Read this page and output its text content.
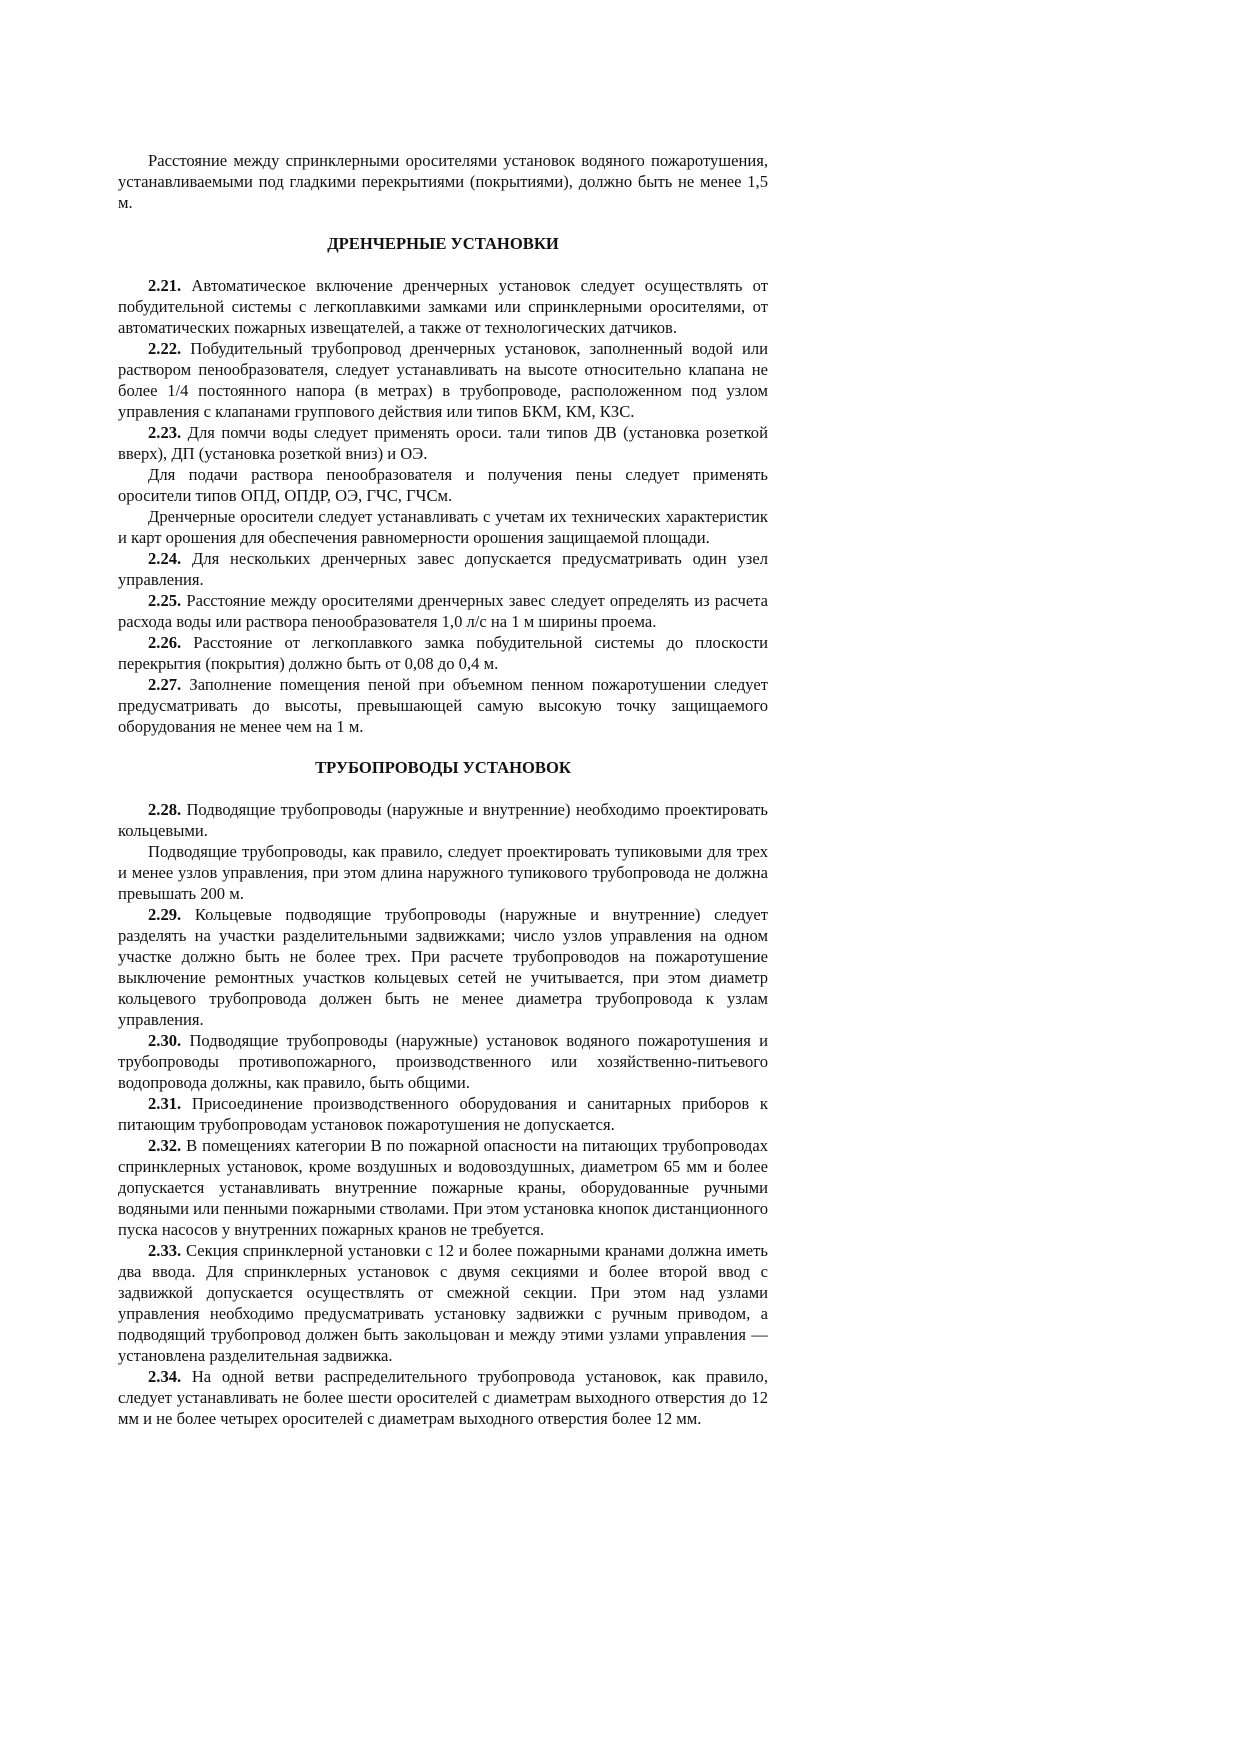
Расстояние между спринклерными оросителями установок водяного пожаротушения, устанавливаемыми под гладкими перекрытиями (покрытиями), должно быть не менее 1,5 м.

ДРЕНЧЕРНЫЕ УСТАНОВКИ

2.21. Автоматическое включение дренчерных установок следует осуществлять от побудительной системы с легкоплавкими замками или спринклерными оросителями, от автоматических пожарных извещателей, а также от технологических датчиков.

2.22. Побудительный трубопровод дренчерных установок, заполненный водой или раствором пенообразователя, следует устанавливать на высоте относительно клапана не более 1/4 постоянного напора (в метрах) в трубопроводе, расположенном под узлом управления с клапанами группового действия или типов БКМ, КМ, КЗС.

2.23. Для помчи воды следует применять ороси. тали типов ДВ (установка розеткой вверх), ДП (установка розеткой вниз) и ОЭ.

Для подачи раствора пенообразователя и получения пены следует применять оросители типов ОПД, ОПДР, ОЭ, ГЧС, ГЧСм.

Дренчерные оросители следует устанавливать с учетам их технических характеристик и карт орошения для обеспечения равномерности орошения защищаемой площади.

2.24. Для нескольких дренчерных завес допускается предусматривать один узел управления.

2.25. Расстояние между оросителями дренчерных завес следует определять из расчета расхода воды или раствора пенообразователя 1,0 л/с на 1 м ширины проема.

2.26. Расстояние от легкоплавкого замка побудительной системы до плоскости перекрытия (покрытия) должно быть от 0,08 до 0,4 м.

2.27. Заполнение помещения пеной при объемном пенном пожаротушении следует предусматривать до высоты, превышающей самую высокую точку защищаемого оборудования не менее чем на 1 м.

ТРУБОПРОВОДЫ УСТАНОВОК

2.28. Подводящие трубопроводы (наружные и внутренние) необходимо проектировать кольцевыми.

Подводящие трубопроводы, как правило, следует проектировать тупиковыми для трех и менее узлов управления, при этом длина наружного тупикового трубопровода не должна превышать 200 м.

2.29. Кольцевые подводящие трубопроводы (наружные и внутренние) следует разделять на участки разделительными задвижками; число узлов управления на одном участке должно быть не более трех. При расчете трубопроводов на пожаротушение выключение ремонтных участков кольцевых сетей не учитывается, при этом диаметр кольцевого трубопровода должен быть не менее диаметра трубопровода к узлам управления.

2.30. Подводящие трубопроводы (наружные) установок водяного пожаротушения и трубопроводы противопожарного, производственного или хозяйственно-питьевого водопровода должны, как правило, быть общими.

2.31. Присоединение производственного оборудования и санитарных приборов к питающим трубопроводам установок пожаротушения не допускается.

2.32. В помещениях категории В по пожарной опасности на питающих трубопроводах спринклерных установок, кроме воздушных и водовоздушных, диаметром 65 мм и более допускается устанавливать внутренние пожарные краны, оборудованные ручными водяными или пенными пожарными стволами. При этом установка кнопок дистанционного пуска насосов у внутренних пожарных кранов не требуется.

2.33. Секция спринклерной установки с 12 и более пожарными кранами должна иметь два ввода. Для спринклерных установок с двумя секциями и более второй ввод с задвижкой допускается осуществлять от смежной секции. При этом над узлами управления необходимо предусматривать установку задвижки с ручным приводом, а подводящий трубопровод должен быть закольцован и между этими узлами управления — установлена разделительная задвижка.

2.34. На одной ветви распределительного трубопровода установок, как правило, следует устанавливать не более шести оросителей с диаметрам выходного отверстия до 12 мм и не более четырех оросителей с диаметрам выходного отверстия более 12 мм.
